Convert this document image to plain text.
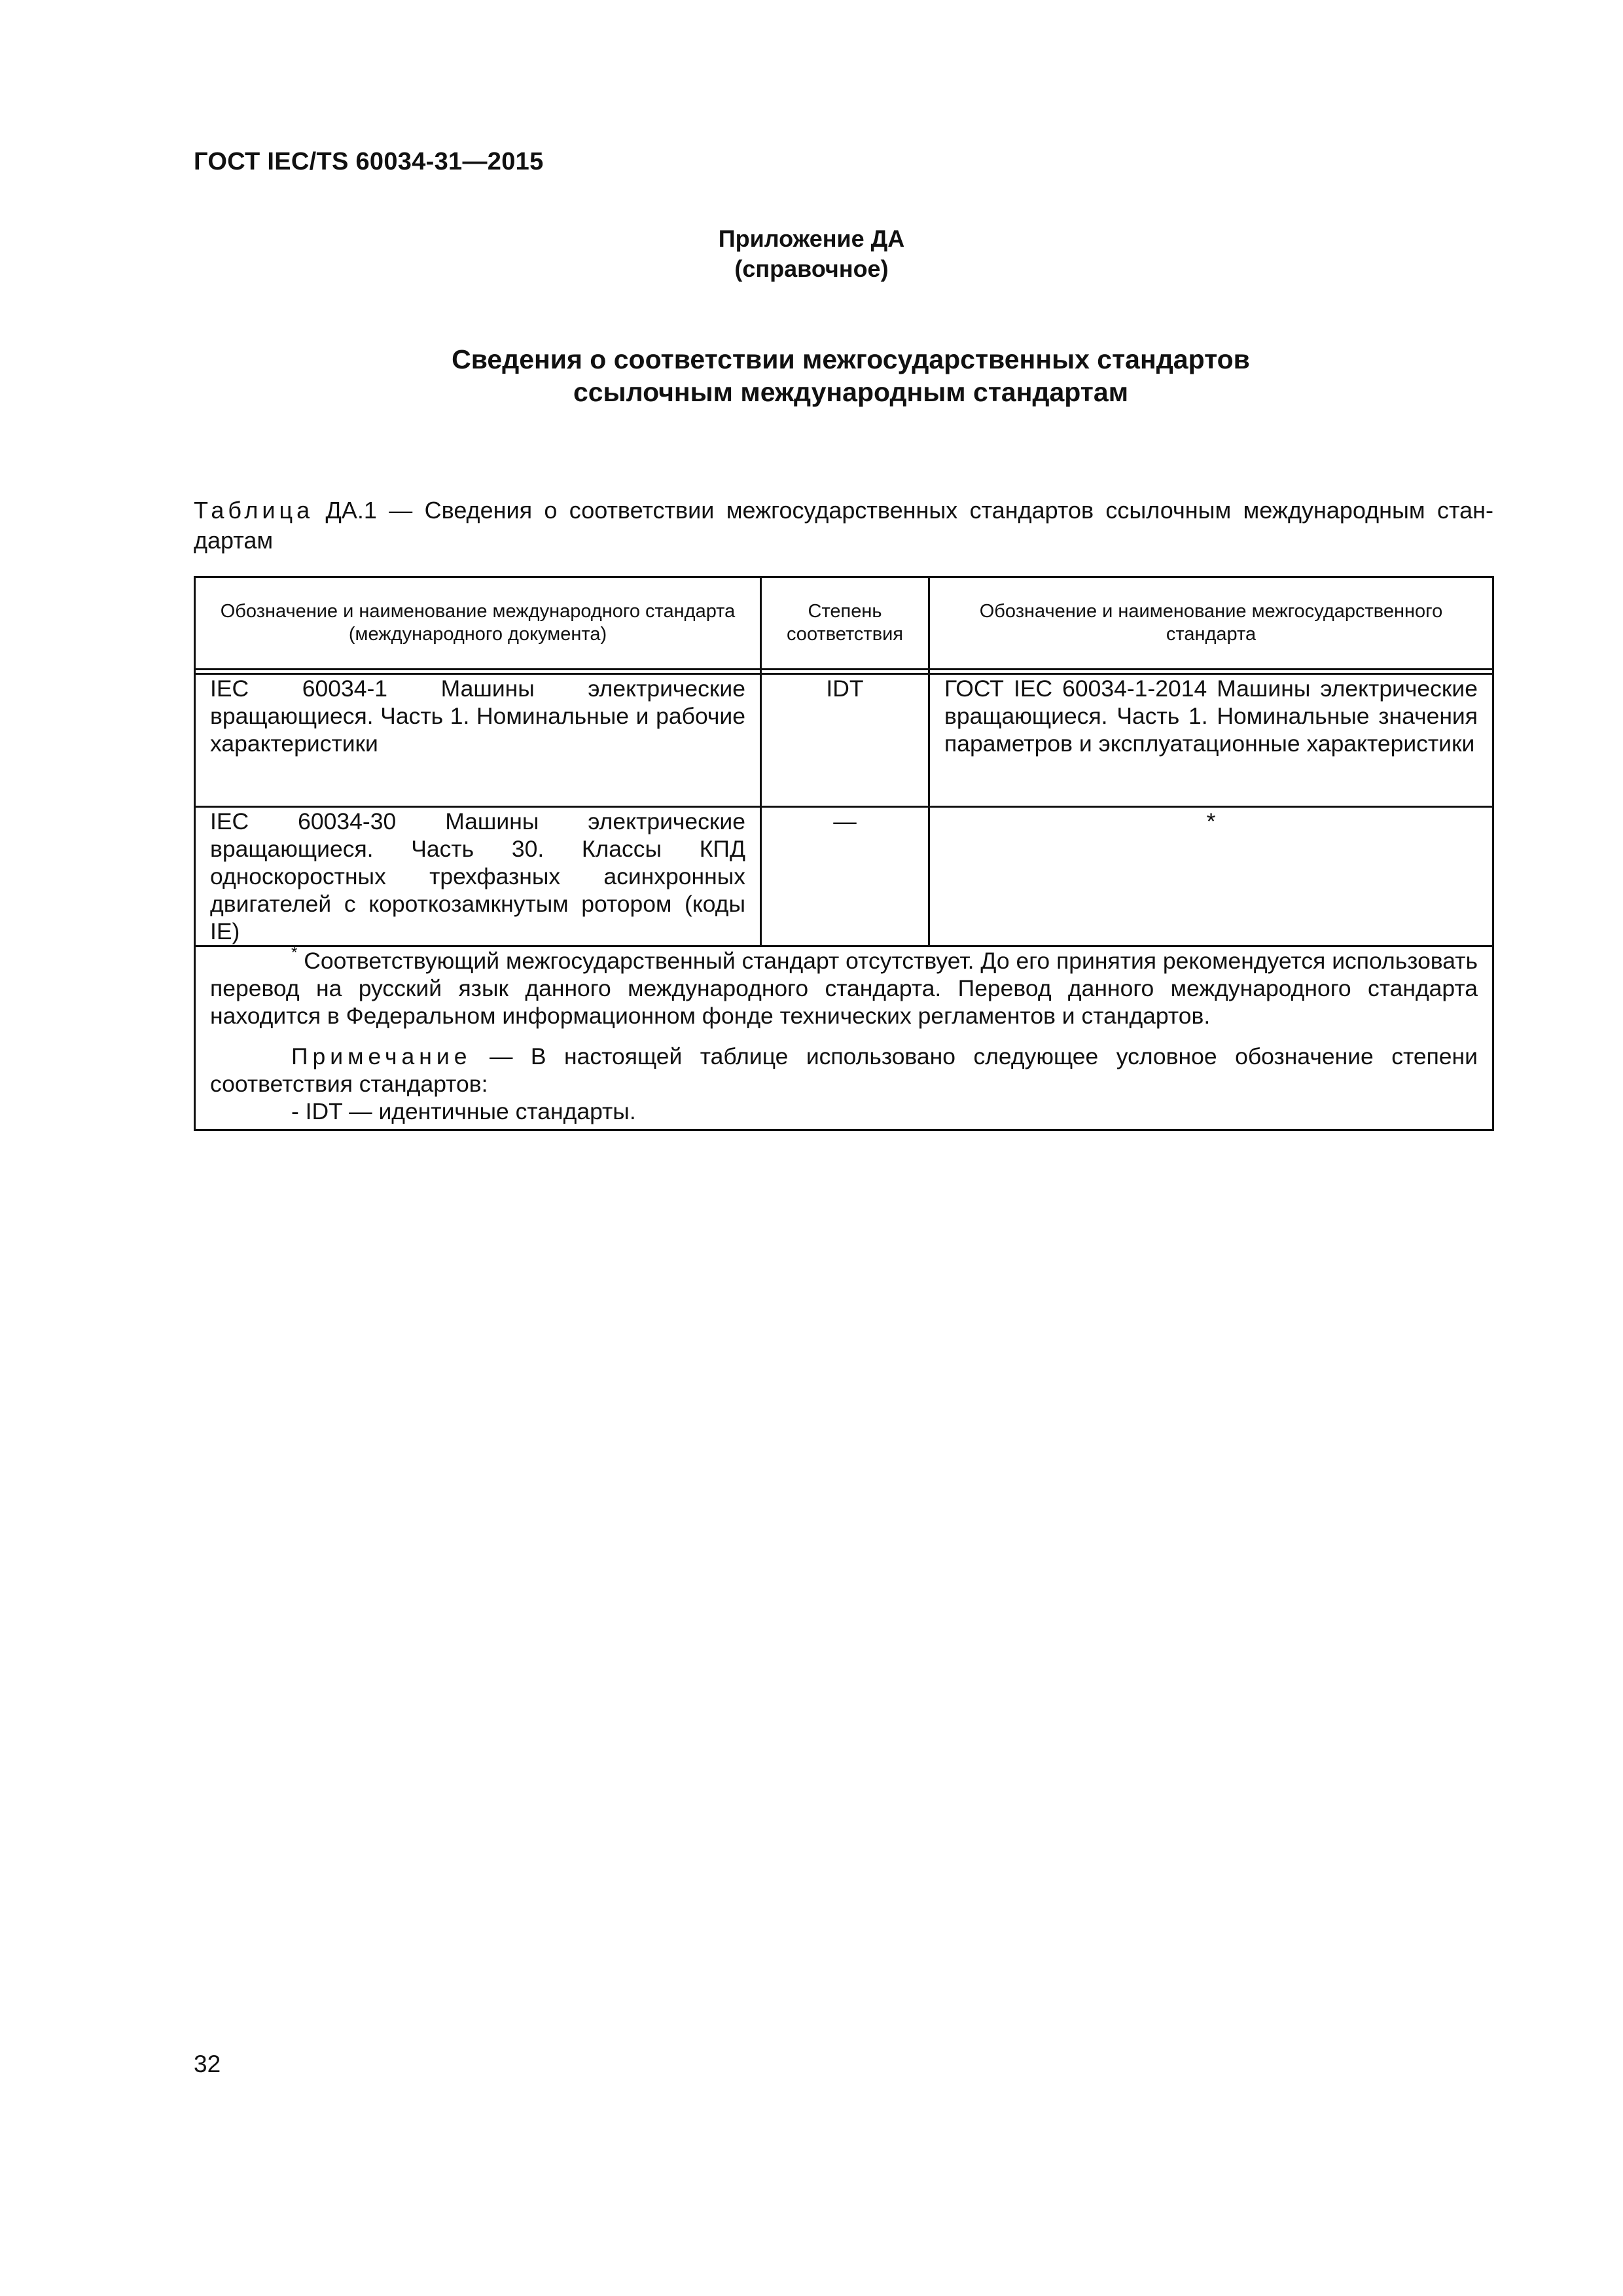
ГОСТ IEC/TS 60034-31—2015
Приложение ДА
(справочное)
Сведения о соответствии межгосударственных стандартов
ссылочным международным стандартам
Таблица ДА.1 — Сведения о соответствии межгосударственных стандартов ссылочным международным стан-дартам
Обозначение и наименование международного стандарта (международного документа)	Степень соответствия	Обозначение и наименование межгосударственного стандарта

IEC 60034-1 Машины электрические вращающиеся. Часть 1. Номинальные и рабочие характеристики	IDT	ГОСТ IEC 60034-1-2014 Машины электрические вращающиеся. Часть 1. Номинальные значения параметров и эксплуатационные характеристики
IEC 60034-30 Машины электрические вращающиеся. Часть 30. Классы КПД односкоростных трехфазных асинхронных двигателей с короткозамкнутым ротором (коды IE)	—	*

* Соответствующий межгосударственный стандарт отсутствует. До его принятия рекомендуется использовать перевод на русский язык данного международного стандарта. Перевод данного международного стандарта находится в Федеральном информационном фонде технических регламентов и стандартов.

Примечание — В настоящей таблице использовано следующее условное обозначение степени соответствия стандартов:

- IDT — идентичные стандарты.		
32
